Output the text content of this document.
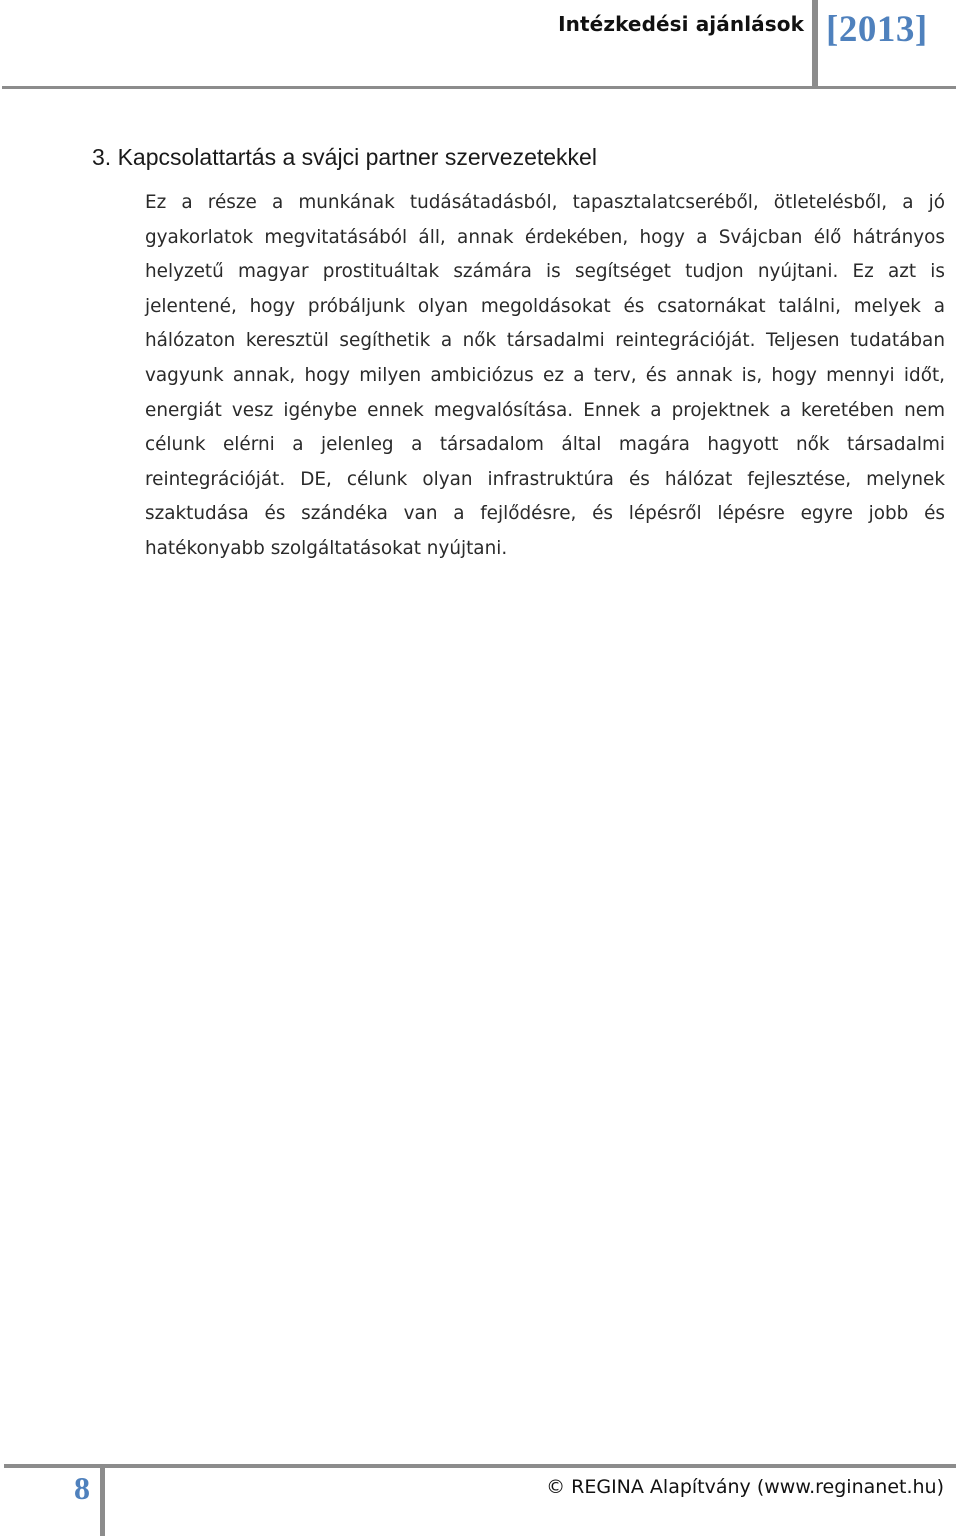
Intézkedési ajánlások [2013]
3. Kapcsolattartás a svájci partner szervezetekkel

Ez a része a munkának tudásátadásból, tapasztalatcseréből, ötletelésből, a jó gyakorlatok megvitatásából áll, annak érdekében, hogy a Svájcban élő hátrányos helyzetű magyar prostituáltak számára is segítséget tudjon nyújtani. Ez azt is jelentené, hogy próbáljunk olyan megoldásokat és csatornákat találni, melyek a hálózaton keresztül segíthetik a nők társadalmi reintegrációját. Teljesen tudatában vagyunk annak, hogy milyen ambiciózus ez a terv, és annak is, hogy mennyi időt, energiát vesz igénybe ennek megvalósítása. Ennek a projektnek a keretében nem célunk elérni a jelenleg a társadalom által magára hagyott nők társadalmi reintegrációját. DE, célunk olyan infrastruktúra és hálózat fejlesztése, melynek szaktudása és szándéka van a fejlődésre, és lépésről lépésre egyre jobb és hatékonyabb szolgáltatásokat nyújtani.

8	© REGINA Alapítvány (www.reginanet.hu)
